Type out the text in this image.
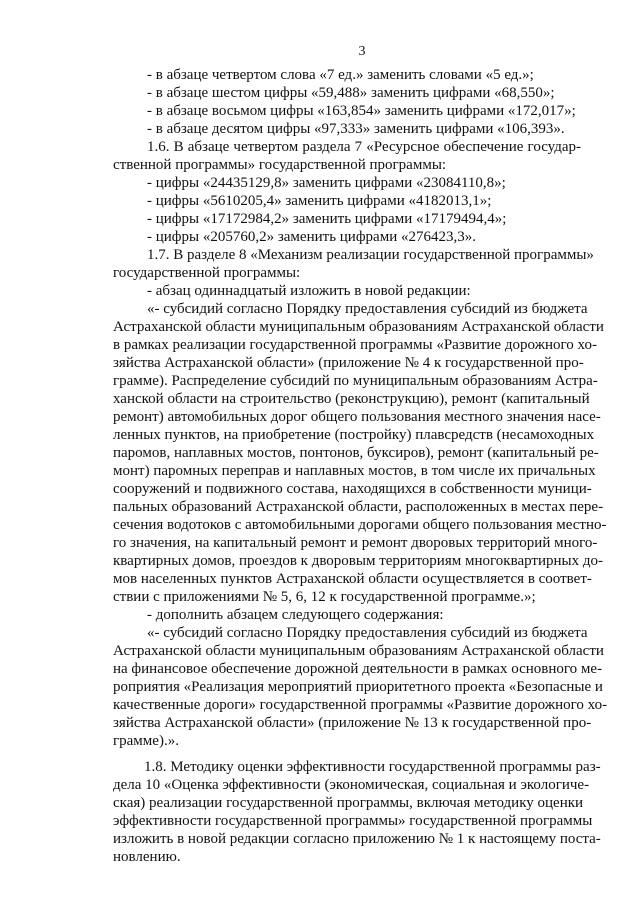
3
- в абзаце четвертом слова «7 ед.» заменить словами «5 ед.»;
- в абзаце шестом цифры «59,488» заменить цифрами «68,550»;
- в абзаце восьмом цифры «163,854» заменить цифрами «172,017»;
- в абзаце десятом цифры «97,333» заменить цифрами «106,393».
1.6. В абзаце четвертом раздела 7 «Ресурсное обеспечение государ-
ственной программы» государственной программы:
- цифры «24435129,8» заменить цифрами «23084110,8»;
- цифры «5610205,4» заменить цифрами «4182013,1»;
- цифры «17172984,2» заменить цифрами «17179494,4»;
- цифры «205760,2» заменить цифрами «276423,3».
1.7. В разделе 8 «Механизм реализации государственной программы»
государственной программы:
- абзац одиннадцатый изложить в новой редакции:
«- субсидий согласно Порядку предоставления субсидий из бюджета
Астраханской области муниципальным образованиям Астраханской области
в рамках реализации государственной программы «Развитие дорожного хо-
зяйства Астраханской области» (приложение № 4 к государственной про-
грамме). Распределение субсидий по муниципальным образованиям Астра-
ханской области на строительство (реконструкцию), ремонт (капитальный
ремонт) автомобильных дорог общего пользования местного значения насе-
ленных пунктов, на приобретение (постройку) плавсредств (несамоходных
паромов, наплавных мостов, понтонов, буксиров), ремонт (капитальный ре-
монт) паромных переправ и наплавных мостов, в том числе их причальных
сооружений и подвижного состава, находящихся в собственности муници-
пальных образований Астраханской области, расположенных в местах пере-
сечения водотоков с автомобильными дорогами общего пользования местно-
го значения, на капитальный ремонт и ремонт дворовых территорий много-
квартирных домов, проездов к дворовым территориям многоквартирных до-
мов населенных пунктов Астраханской области осуществляется в соответ-
ствии с приложениями № 5, 6, 12 к государственной программе.»;
- дополнить абзацем следующего содержания:
«- субсидий согласно Порядку предоставления субсидий из бюджета
Астраханской области муниципальным образованиям Астраханской области
на финансовое обеспечение дорожной деятельности в рамках основного ме-
роприятия «Реализация мероприятий приоритетного проекта «Безопасные и
качественные дороги» государственной программы «Развитие дорожного хо-
зяйства Астраханской области» (приложение № 13 к государственной про-
грамме).».
1.8. Методику оценки эффективности государственной программы раз-
дела 10 «Оценка эффективности (экономическая, социальная и экологиче-
ская) реализации государственной программы, включая методику оценки
эффективности государственной программы» государственной программы
изложить в новой редакции согласно приложению № 1 к настоящему поста-
новлению.
